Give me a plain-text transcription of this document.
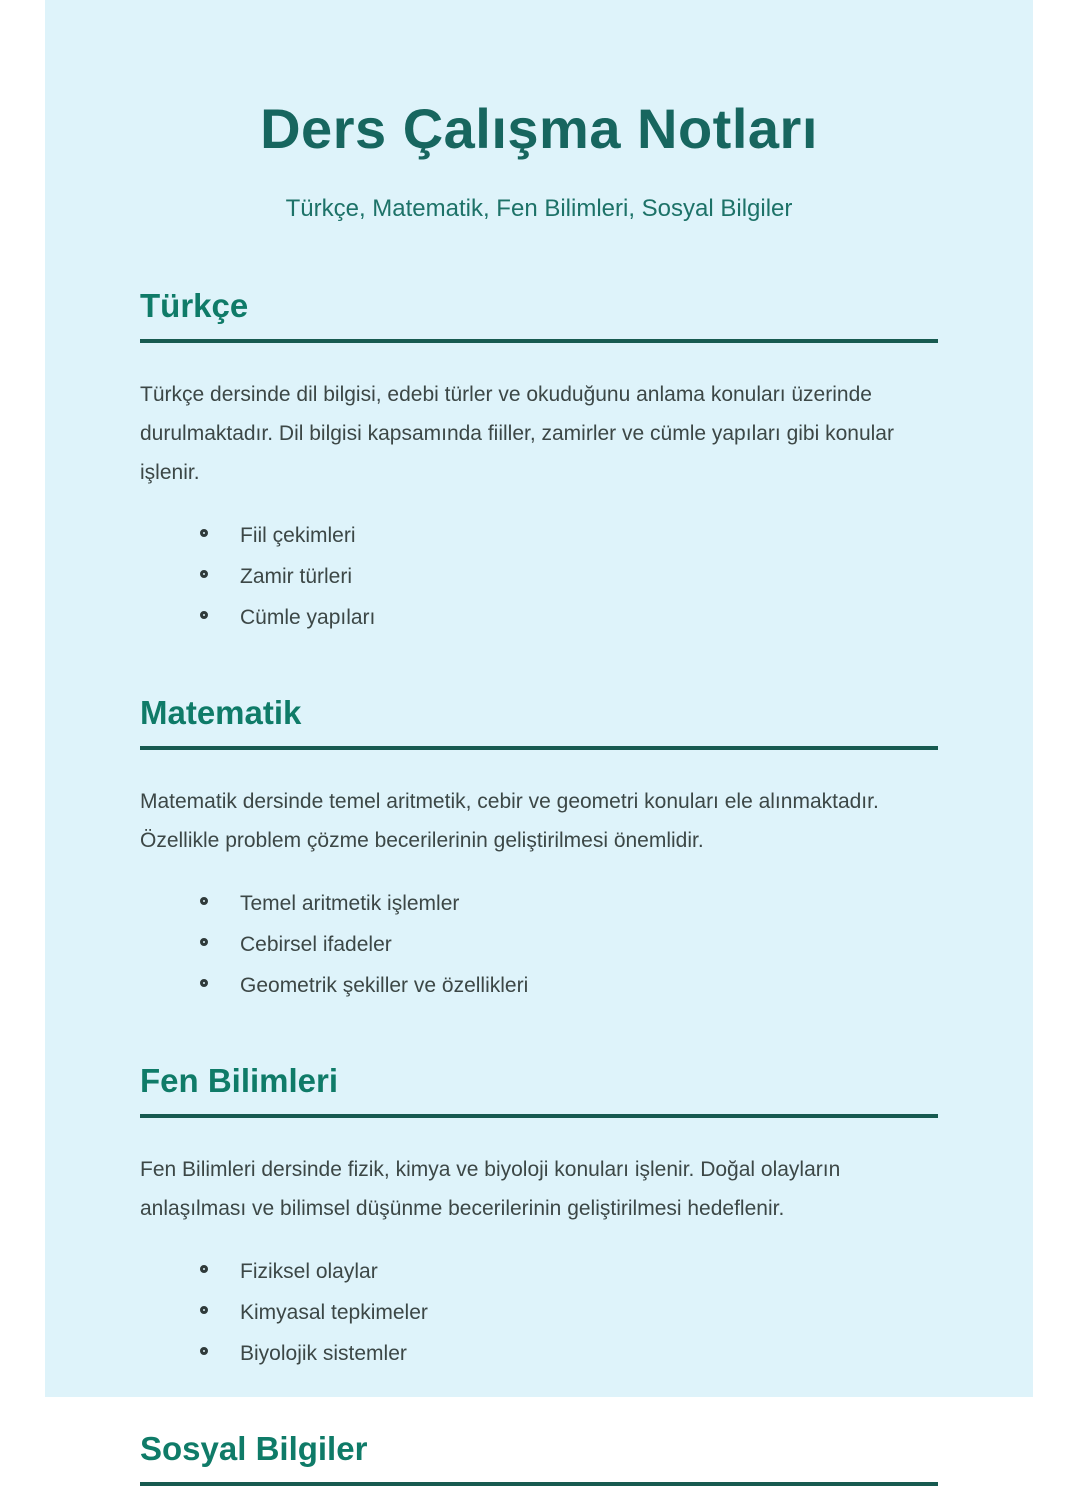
Ders Çalışma Notları

Türkçe, Matematik, Fen Bilimleri, Sosyal Bilgiler

Türkçe

Türkçe dersinde dil bilgisi, edebi türler ve okuduğunu anlama konuları üzerinde durulmaktadır. Dil bilgisi kapsamında fiiller, zamirler ve cümle yapıları gibi konular işlenir.

Fiil çekimleri
Zamir türleri
Cümle yapıları
Matematik

Matematik dersinde temel aritmetik, cebir ve geometri konuları ele alınmaktadır. Özellikle problem çözme becerilerinin geliştirilmesi önemlidir.

Temel aritmetik işlemler
Cebirsel ifadeler
Geometrik şekiller ve özellikleri
Fen Bilimleri

Fen Bilimleri dersinde fizik, kimya ve biyoloji konuları işlenir. Doğal olayların anlaşılması ve bilimsel düşünme becerilerinin geliştirilmesi hedeflenir.

Fiziksel olaylar
Kimyasal tepkimeler
Biyolojik sistemler
Sosyal Bilgiler
